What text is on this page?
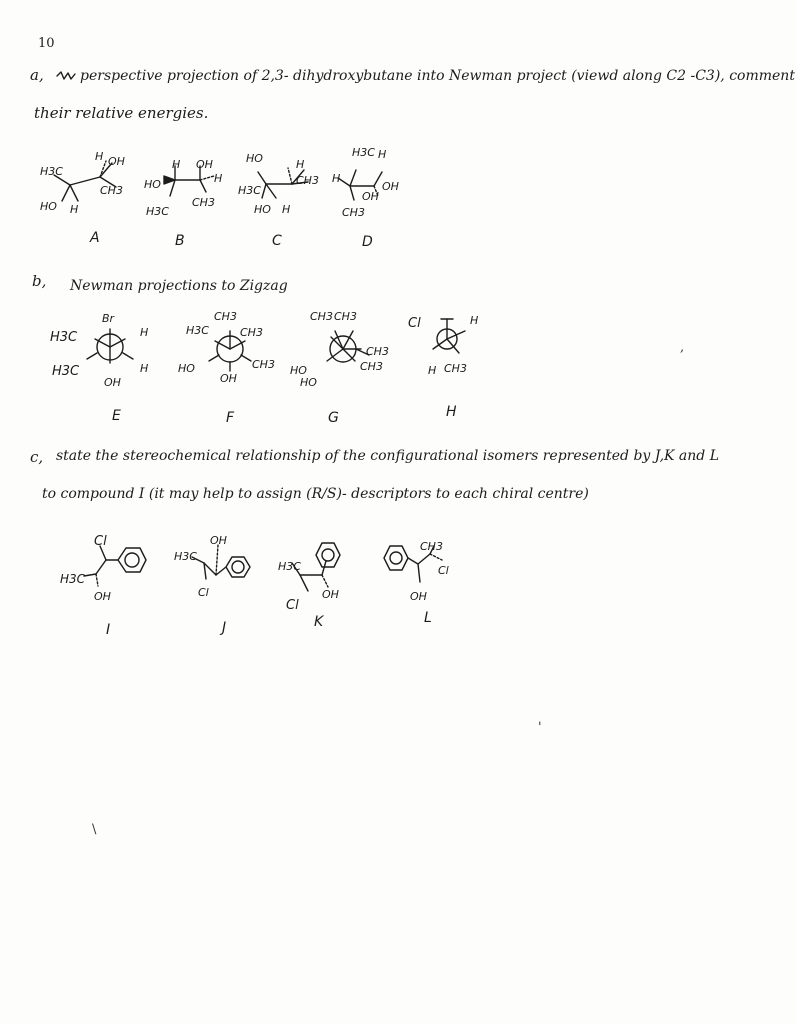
10
a,	perspective projection of 2,3- dihydroxybutane into Newman project (viewd along C2 -C3), comment
their relative energies.
H3C
H OH
CH3
HO H
A
H OH
HO	H
CH3
H3C
B
HO	H
H3C
CH3
HO H
C
H3C H
H
OH
OH
CH3
D
b, Newman projections to Zigzag
Br
H3C	H
H3C	H
OH
E
CH3
H3C	CH3
HO	CH3
OH
F
CH3 CH3
CH3
CH3
HO
HO
G
Cl	H
H CH3
H
c, state the stereochemical relationship of the configurational isomers represented by J,K and L
to compound I (it may help to assign (R/S)- descriptors to each chiral centre)
Cl
H3C
OH
I
OH
H3C
Cl
J
H3C
Cl
OH
K
CH3
Cl
OH
L
,
'
\
